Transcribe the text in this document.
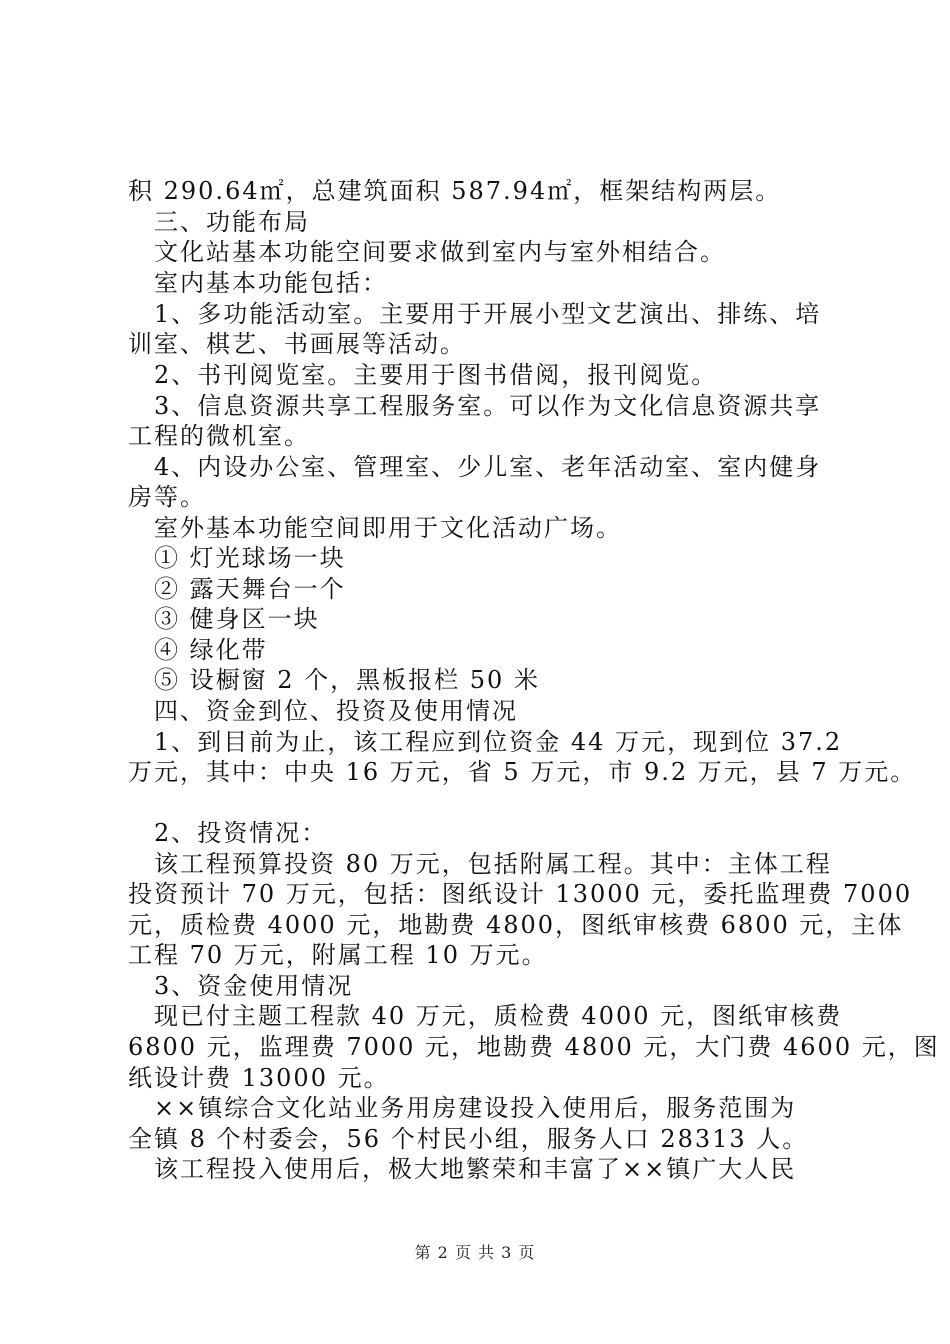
积 290.64㎡，总建筑面积 587.94㎡，框架结构两层。
　三、功能布局
　文化站基本功能空间要求做到室内与室外相结合。
　室内基本功能包括：
　1、多功能活动室。主要用于开展小型文艺演出、排练、培
训室、棋艺、书画展等活动。
　2、书刊阅览室。主要用于图书借阅，报刊阅览。
　3、信息资源共享工程服务室。可以作为文化信息资源共享
工程的微机室。
　4、内设办公室、管理室、少儿室、老年活动室、室内健身
房等。
　室外基本功能空间即用于文化活动广场。
　① 灯光球场一块
　② 露天舞台一个
　③ 健身区一块
　④ 绿化带
　⑤ 设橱窗 2 个，黑板报栏 50 米
　四、资金到位、投资及使用情况
　1、到目前为止，该工程应到位资金 44 万元，现到位 37.2
万元，其中：中央 16 万元，省 5 万元，市 9.2 万元，县 7 万元。
　2、投资情况：
　该工程预算投资 80 万元，包括附属工程。其中：主体工程
投资预计 70 万元，包括：图纸设计 13000 元，委托监理费 7000
元，质检费 4000 元，地勘费 4800，图纸审核费 6800 元，主体
工程 70 万元，附属工程 10 万元。
　3、资金使用情况
　现已付主题工程款 40 万元，质检费 4000 元，图纸审核费
6800 元，监理费 7000 元，地勘费 4800 元，大门费 4600 元，图
纸设计费 13000 元。
　××镇综合文化站业务用房建设投入使用后，服务范围为
全镇 8 个村委会，56 个村民小组，服务人口 28313 人。
　该工程投入使用后，极大地繁荣和丰富了××镇广大人民
第 2 页 共 3 页
